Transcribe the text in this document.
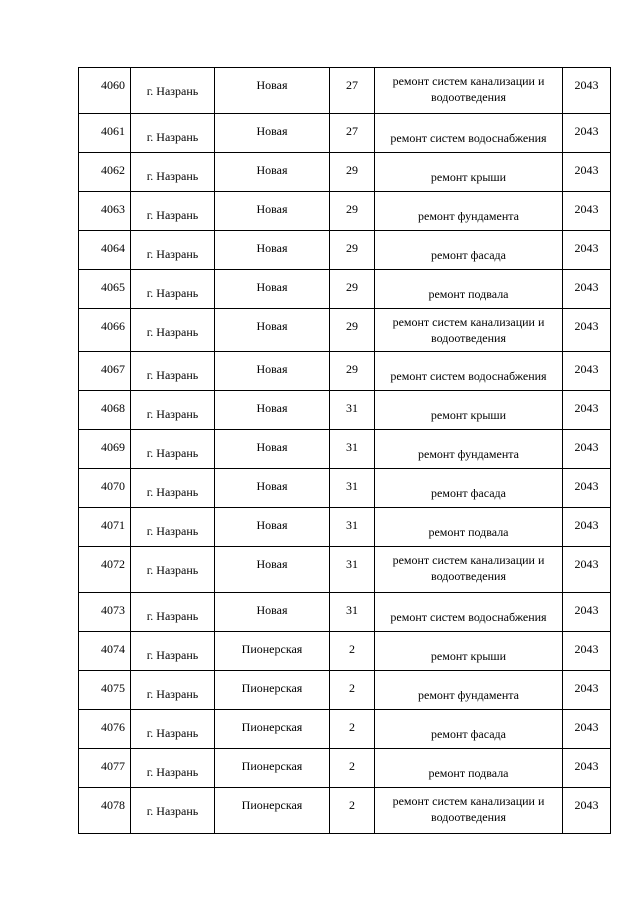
4060	г. Назрань	Новая	27	ремонт систем канализации и водоотведения	2043
4061	г. Назрань	Новая	27	ремонт систем водоснабжения	2043
4062	г. Назрань	Новая	29	ремонт крыши	2043
4063	г. Назрань	Новая	29	ремонт фундамента	2043
4064	г. Назрань	Новая	29	ремонт фасада	2043
4065	г. Назрань	Новая	29	ремонт подвала	2043
4066	г. Назрань	Новая	29	ремонт систем канализации и водоотведения	2043
4067	г. Назрань	Новая	29	ремонт систем водоснабжения	2043
4068	г. Назрань	Новая	31	ремонт крыши	2043
4069	г. Назрань	Новая	31	ремонт фундамента	2043
4070	г. Назрань	Новая	31	ремонт фасада	2043
4071	г. Назрань	Новая	31	ремонт подвала	2043
4072	г. Назрань	Новая	31	ремонт систем канализации и водоотведения	2043
4073	г. Назрань	Новая	31	ремонт систем водоснабжения	2043
4074	г. Назрань	Пионерская	2	ремонт крыши	2043
4075	г. Назрань	Пионерская	2	ремонт фундамента	2043
4076	г. Назрань	Пионерская	2	ремонт фасада	2043
4077	г. Назрань	Пионерская	2	ремонт подвала	2043
4078	г. Назрань	Пионерская	2	ремонт систем канализации и водоотведения	2043
